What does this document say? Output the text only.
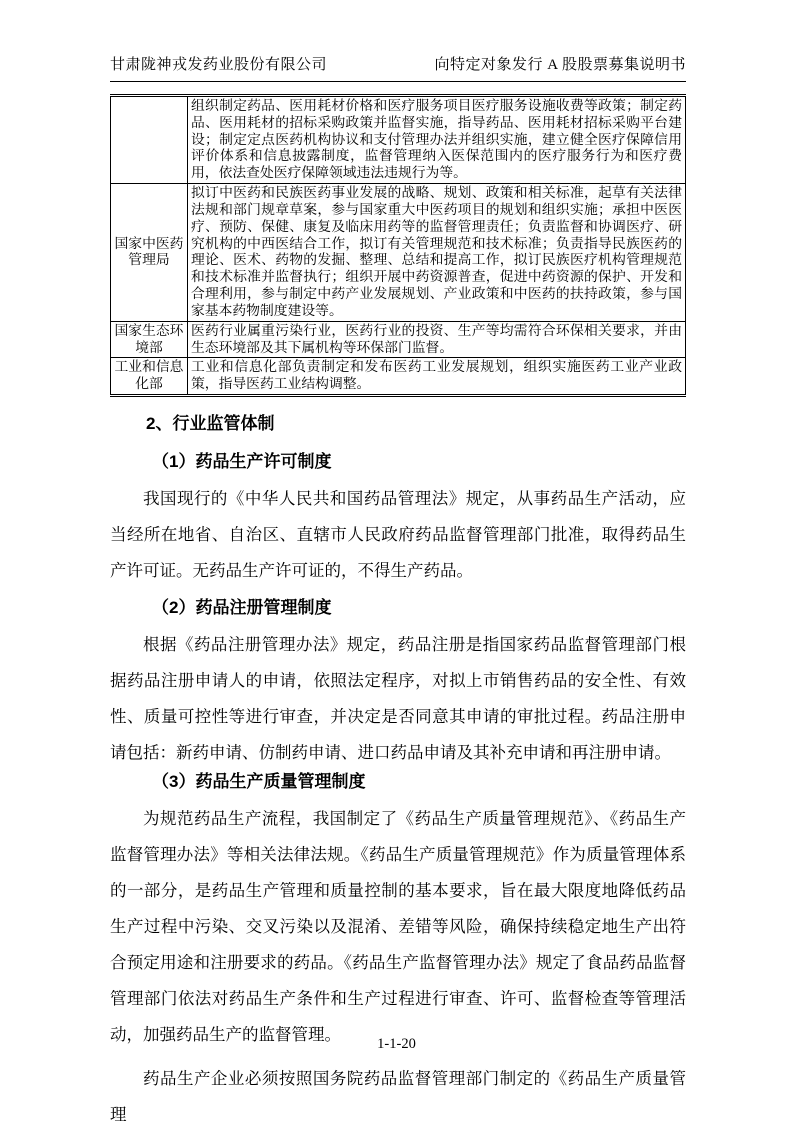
甘肃陇神戎发药业股份有限公司	向特定对象发行 A 股股票募集说明书
	组织制定药品、医用耗材价格和医疗服务项目医疗服务设施收费等政策；制定药品、医用耗材的招标采购政策并监督实施，指导药品、医用耗材招标采购平台建设；制定定点医药机构协议和支付管理办法并组织实施，建立健全医疗保障信用评价体系和信息披露制度，监督管理纳入医保范围内的医疗服务行为和医疗费用，依法查处医疗保障领域违法违规行为等。
国家中医药管理局	拟订中医药和民族医药事业发展的战略、规划、政策和相关标准，起草有关法律法规和部门规章草案，参与国家重大中医药项目的规划和组织实施；承担中医医疗、预防、保健、康复及临床用药等的监督管理责任；负责监督和协调医疗、研究机构的中西医结合工作，拟订有关管理规范和技术标准；负责指导民族医药的理论、医术、药物的发掘、整理、总结和提高工作，拟订民族医疗机构管理规范和技术标准并监督执行；组织开展中药资源普查，促进中药资源的保护、开发和合理利用，参与制定中药产业发展规划、产业政策和中医药的扶持政策，参与国家基本药物制度建设等。
国家生态环境部	医药行业属重污染行业，医药行业的投资、生产等均需符合环保相关要求，并由生态环境部及其下属机构等环保部门监督。
工业和信息化部	工业和信息化部负责制定和发布医药工业发展规划，组织实施医药工业产业政策，指导医药工业结构调整。
2、行业监管体制
（1）药品生产许可制度

我国现行的《中华人民共和国药品管理法》规定，从事药品生产活动，应当经所在地省、自治区、直辖市人民政府药品监督管理部门批准，取得药品生产许可证。无药品生产许可证的，不得生产药品。

（2）药品注册管理制度

根据《药品注册管理办法》规定，药品注册是指国家药品监督管理部门根据药品注册申请人的申请，依照法定程序，对拟上市销售药品的安全性、有效性、质量可控性等进行审查，并决定是否同意其申请的审批过程。药品注册申请包括：新药申请、仿制药申请、进口药品申请及其补充申请和再注册申请。

（3）药品生产质量管理制度

为规范药品生产流程，我国制定了《药品生产质量管理规范》、《药品生产监督管理办法》等相关法律法规。《药品生产质量管理规范》作为质量管理体系的一部分，是药品生产管理和质量控制的基本要求，旨在最大限度地降低药品生产过程中污染、交叉污染以及混淆、差错等风险，确保持续稳定地生产出符合预定用途和注册要求的药品。《药品生产监督管理办法》规定了食品药品监督管理部门依法对药品生产条件和生产过程进行审查、许可、监督检查等管理活动，加强药品生产的监督管理。

药品生产企业必须按照国务院药品监督管理部门制定的《药品生产质量管理

1-1-20
